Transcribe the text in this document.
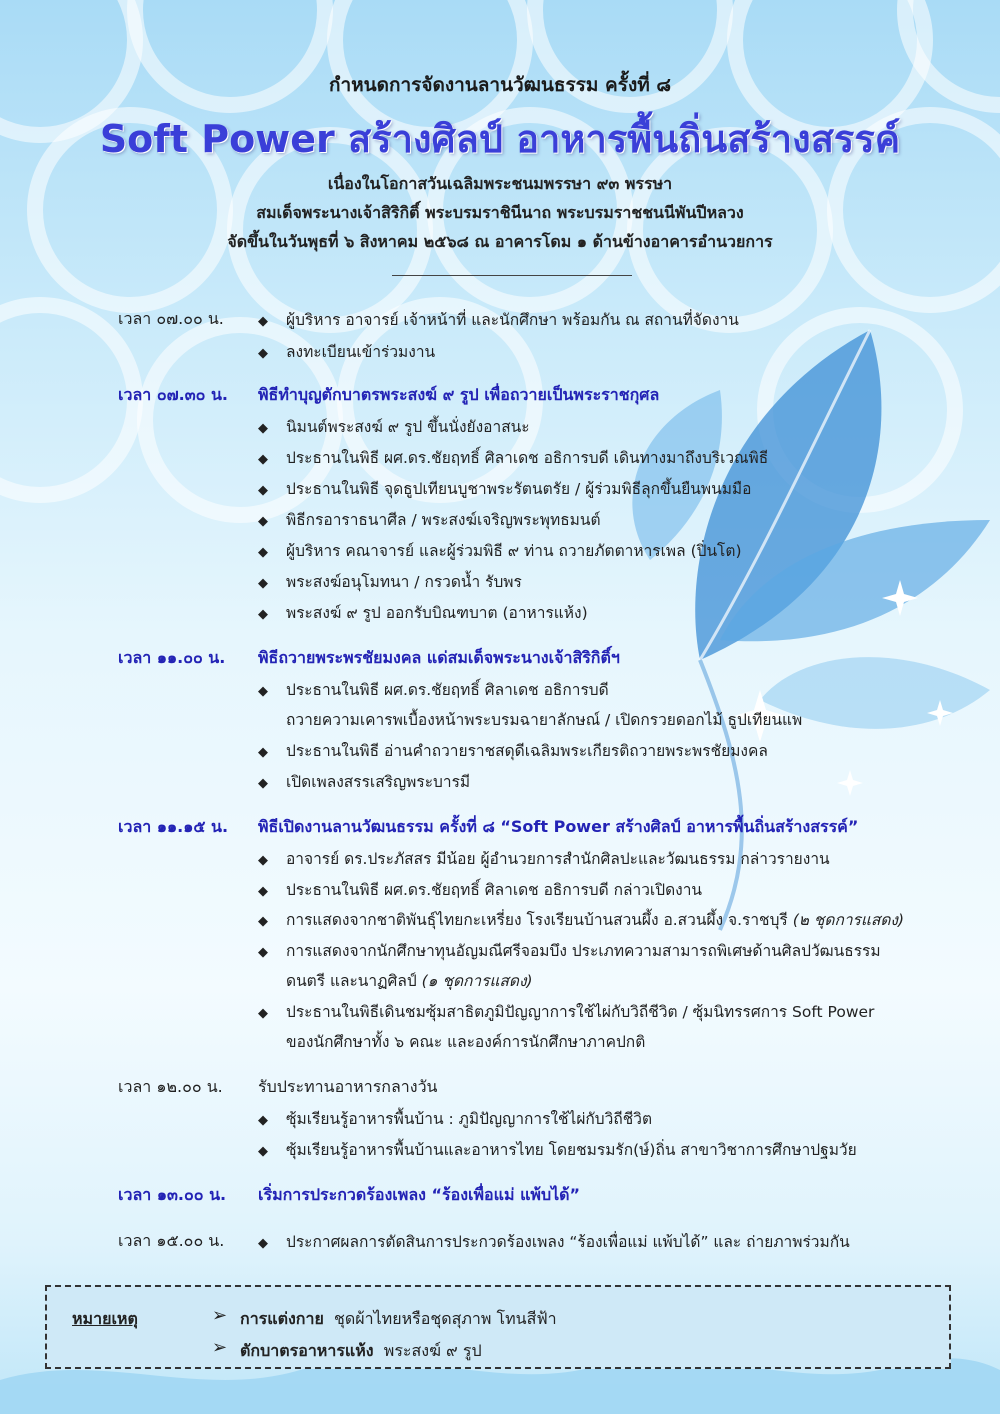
กำหนดการจัดงานลานวัฒนธรรม ครั้งที่ ๘
Soft Power สร้างศิลป์ อาหารพื้นถิ่นสร้างสรรค์
เนื่องในโอกาสวันเฉลิมพระชนมพรรษา ๙๓ พรรษา
สมเด็จพระนางเจ้าสิริกิติ์ พระบรมราชินีนาถ พระบรมราชชนนีพันปีหลวง
จัดขึ้นในวันพุธที่ ๖ สิงหาคม ๒๕๖๘ ณ อาคารโดม ๑ ด้านข้างอาคารอำนวยการ
เวลา ๐๗.๐๐ น.	◆ ผู้บริหาร อาจารย์ เจ้าหน้าที่ และนักศึกษา พร้อมกัน ณ สถานที่จัดงาน
◆ ลงทะเบียนเข้าร่วมงาน
เวลา ๐๗.๓๐ น. พิธีทำบุญตักบาตรพระสงฆ์ ๙ รูป เพื่อถวายเป็นพระราชกุศล
◆ นิมนต์พระสงฆ์ ๙ รูป ขึ้นนั่งยังอาสนะ
◆ ประธานในพิธี ผศ.ดร.ชัยฤทธิ์ ศิลาเดช อธิการบดี เดินทางมาถึงบริเวณพิธี
◆ ประธานในพิธี จุดธูปเทียนบูชาพระรัตนตรัย / ผู้ร่วมพิธีลุกขึ้นยืนพนมมือ
◆ พิธีกรอาราธนาศีล / พระสงฆ์เจริญพระพุทธมนต์
◆ ผู้บริหาร คณาจารย์ และผู้ร่วมพิธี ๙ ท่าน ถวายภัตตาหารเพล (ปิ่นโต)
◆ พระสงฆ์อนุโมทนา / กรวดน้ำ รับพร
◆ พระสงฆ์ ๙ รูป ออกรับบิณฑบาต (อาหารแห้ง)
เวลา ๑๑.๐๐ น. พิธีถวายพระพรชัยมงคล แด่สมเด็จพระนางเจ้าสิริกิติ์ฯ
◆ ประธานในพิธี ผศ.ดร.ชัยฤทธิ์ ศิลาเดช อธิการบดี
ถวายความเคารพเบื้องหน้าพระบรมฉายาลักษณ์ / เปิดกรวยดอกไม้ ธูปเทียนแพ
◆ ประธานในพิธี อ่านคำถวายราชสดุดีเฉลิมพระเกียรติถวายพระพรชัยมงคล
◆ เปิดเพลงสรรเสริญพระบารมี
เวลา ๑๑.๑๕ น. พิธีเปิดงานลานวัฒนธรรม ครั้งที่ ๘ “Soft Power สร้างศิลป์ อาหารพื้นถิ่นสร้างสรรค์”
◆ อาจารย์ ดร.ประภัสสร มีน้อย ผู้อำนวยการสำนักศิลปะและวัฒนธรรม กล่าวรายงาน
◆ ประธานในพิธี ผศ.ดร.ชัยฤทธิ์ ศิลาเดช อธิการบดี กล่าวเปิดงาน
◆ การแสดงจากชาติพันธุ์ไทยกะเหรี่ยง โรงเรียนบ้านสวนผึ้ง อ.สวนผึ้ง จ.ราชบุรี (๒ ชุดการแสดง)
◆ การแสดงจากนักศึกษาทุนอัญมณีศรีจอมบึง ประเภทความสามารถพิเศษด้านศิลปวัฒนธรรม
ดนตรี และนาฏศิลป์ (๑ ชุดการแสดง)
◆ ประธานในพิธีเดินชมซุ้มสาธิตภูมิปัญญาการใช้ไผ่กับวิถีชีวิต / ซุ้มนิทรรศการ Soft Power
ของนักศึกษาทั้ง ๖ คณะ และองค์การนักศึกษาภาคปกติ
เวลา ๑๒.๐๐ น. รับประทานอาหารกลางวัน
◆ ซุ้มเรียนรู้อาหารพื้นบ้าน : ภูมิปัญญาการใช้ไผ่กับวิถีชีวิต
◆ ซุ้มเรียนรู้อาหารพื้นบ้านและอาหารไทย โดยชมรมรัก(ษ์)ถิ่น สาขาวิชาการศึกษาปฐมวัย
เวลา ๑๓.๐๐ น. เริ่มการประกวดร้องเพลง “ร้องเพื่อแม่ แพ้บได้”
เวลา ๑๕.๐๐ น.	◆ ประกาศผลการตัดสินการประกวดร้องเพลง “ร้องเพื่อแม่ แพ้บได้” และ ถ่ายภาพร่วมกัน
หมายเหตุ	➢ การแต่งกาย ชุดผ้าไทยหรือชุดสุภาพ โทนสีฟ้า
➢ ตักบาตรอาหารแห้ง พระสงฆ์ ๙ รูป
